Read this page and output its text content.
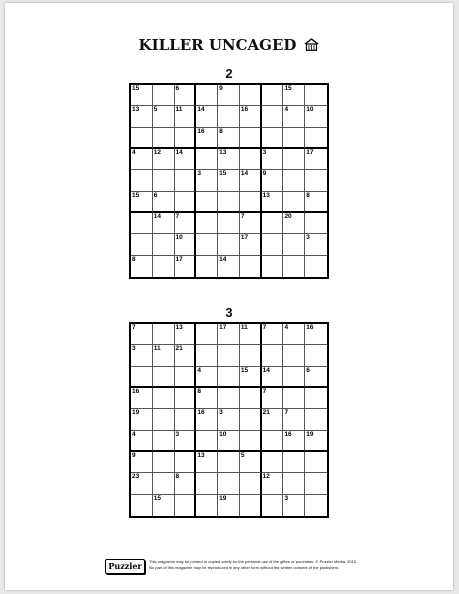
KILLER UNCAGED
2
15	6	9	15
13 5	11 14	16	4	10
16 8
4	12 14	13	3	17
3	15 14 9
15 6	13	8
14 7	7	20
10	17	3
8	17	14
3
7	13	17 11 7	4	16
3	11 21
4	15 14	6
16	8	7
19	16 3	21 7
4	3	10	16 19
9	13	5
23	8	12
15	19	3
Puzzler	This magazine may be printed or copied solely for the personal use of the giftee or purchaser. © Puzzler Media, 2015.
No part of this magazine may be reproduced in any other form without the written consent of the publishers.
